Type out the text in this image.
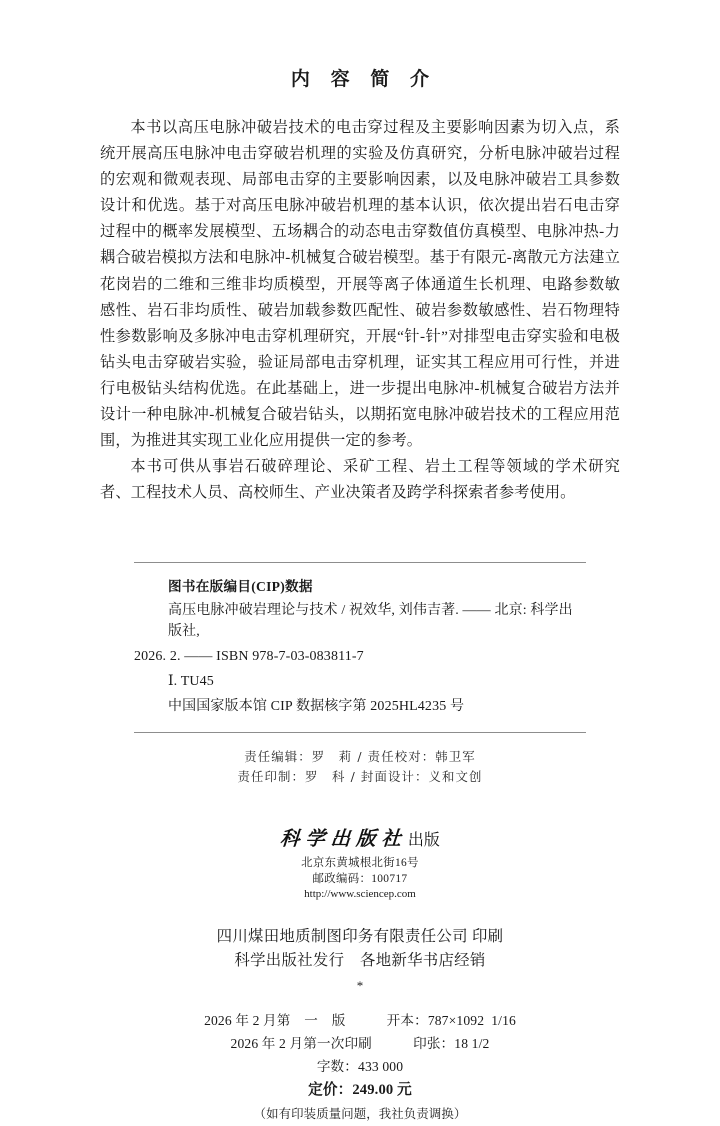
内 容 简 介

本书以高压电脉冲破岩技术的电击穿过程及主要影响因素为切入点，系统开展高压电脉冲电击穿破岩机理的实验及仿真研究，分析电脉冲破岩过程的宏观和微观表现、局部电击穿的主要影响因素，以及电脉冲破岩工具参数设计和优选。基于对高压电脉冲破岩机理的基本认识，依次提出岩石电击穿过程中的概率发展模型、五场耦合的动态电击穿数值仿真模型、电脉冲热-力耦合破岩模拟方法和电脉冲-机械复合破岩模型。基于有限元-离散元方法建立花岗岩的二维和三维非均质模型，开展等离子体通道生长机理、电路参数敏感性、岩石非均质性、破岩加载参数匹配性、破岩参数敏感性、岩石物理特性参数影响及多脉冲电击穿机理研究，开展“针-针”对排型电击穿实验和电极钻头电击穿破岩实验，验证局部电击穿机理，证实其工程应用可行性，并进行电极钻头结构优选。在此基础上，进一步提出电脉冲-机械复合破岩方法并设计一种电脉冲-机械复合破岩钻头，以期拓宽电脉冲破岩技术的工程应用范围，为推进其实现工业化应用提供一定的参考。

本书可供从事岩石破碎理论、采矿工程、岩土工程等领域的学术研究者、工程技术人员、高校师生、产业决策者及跨学科探索者参考使用。

图书在版编目(CIP)数据
高压电脉冲破岩理论与技术 / 祝效华, 刘伟吉著. —— 北京: 科学出版社,
2026. 2. —— ISBN 978-7-03-083811-7
Ⅰ. TU45
中国国家版本馆 CIP 数据核字第 2025HL4235 号
责任编辑：罗　莉 / 责任校对：韩卫军
责任印制：罗　科 / 封面设计：义和文创
科学出版社出版
北京东黄城根北街16号
邮政编码：100717
http://www.sciencep.com
四川煤田地质制图印务有限责任公司 印刷
科学出版社发行　各地新华书店经销
*
2026 年 2 月第　一　版　　　开本：787×1092  1/16
2026 年 2 月第一次印刷　　　印张：18 1/2
字数：433 000
定价：249.00 元
（如有印装质量问题，我社负责调换）
